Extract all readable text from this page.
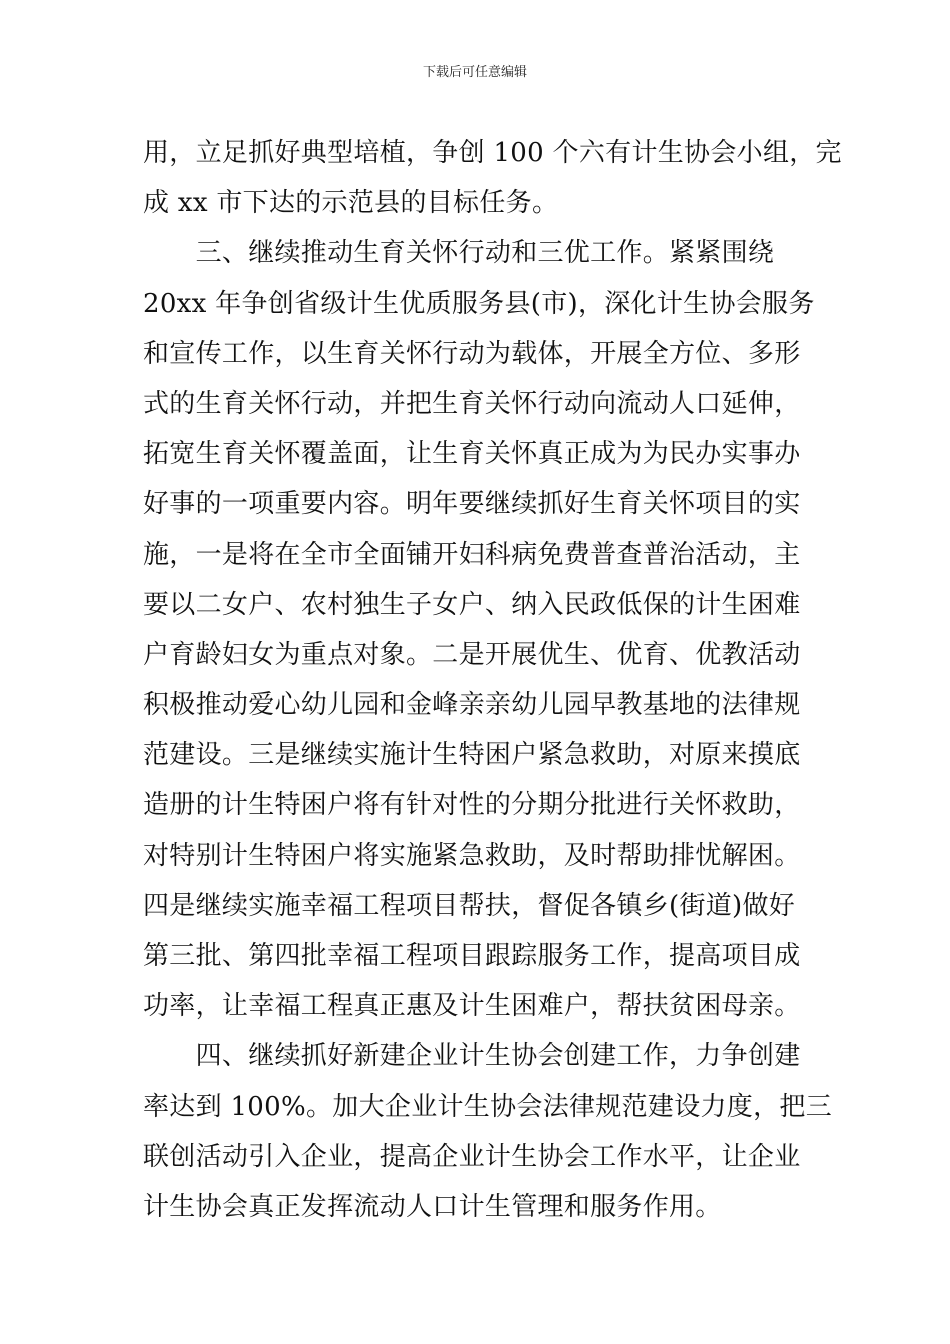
下载后可任意编辑
用，立足抓好典型培植，争创 100 个六有计生协会小组，完
成 xx 市下达的示范县的目标任务。
　　三、继续推动生育关怀行动和三优工作。紧紧围绕
20xx 年争创省级计生优质服务县(市)，深化计生协会服务
和宣传工作，以生育关怀行动为载体，开展全方位、多形
式的生育关怀行动，并把生育关怀行动向流动人口延伸，
拓宽生育关怀覆盖面，让生育关怀真正成为为民办实事办
好事的一项重要内容。明年要继续抓好生育关怀项目的实
施，一是将在全市全面铺开妇科病免费普查普治活动，主
要以二女户、农村独生子女户、纳入民政低保的计生困难
户育龄妇女为重点对象。二是开展优生、优育、优教活动
积极推动爱心幼儿园和金峰亲亲幼儿园早教基地的法律规
范建设。三是继续实施计生特困户紧急救助，对原来摸底
造册的计生特困户将有针对性的分期分批进行关怀救助，
对特别计生特困户将实施紧急救助，及时帮助排忧解困。
四是继续实施幸福工程项目帮扶，督促各镇乡(街道)做好
第三批、第四批幸福工程项目跟踪服务工作，提高项目成
功率，让幸福工程真正惠及计生困难户，帮扶贫困母亲。
　　四、继续抓好新建企业计生协会创建工作，力争创建
率达到 100%。加大企业计生协会法律规范建设力度，把三
联创活动引入企业，提高企业计生协会工作水平，让企业
计生协会真正发挥流动人口计生管理和服务作用。
